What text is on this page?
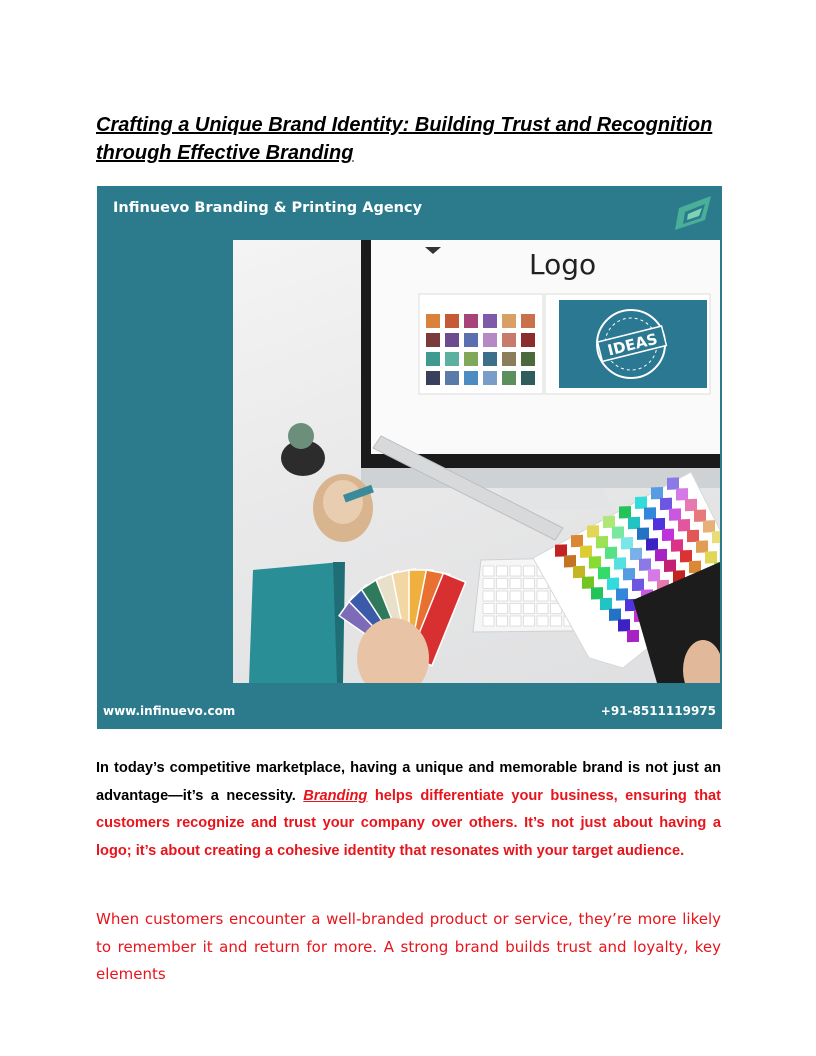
Crafting a Unique Brand Identity: Building Trust and Recognition through Effective Branding
Infinuevo Branding & Printing Agency
Logo
IDEAS
www.infinuevo.com	+91-8511119975

In today’s competitive marketplace, having a unique and memorable brand is not just an advantage—it’s a necessity. Branding helps differentiate your business, ensuring that customers recognize and trust your company over others. It’s not just about having a logo; it’s about creating a cohesive identity that resonates with your target audience.

When customers encounter a well-branded product or service, they’re more likely to remember it and return for more. A strong brand builds trust and loyalty, key elements
